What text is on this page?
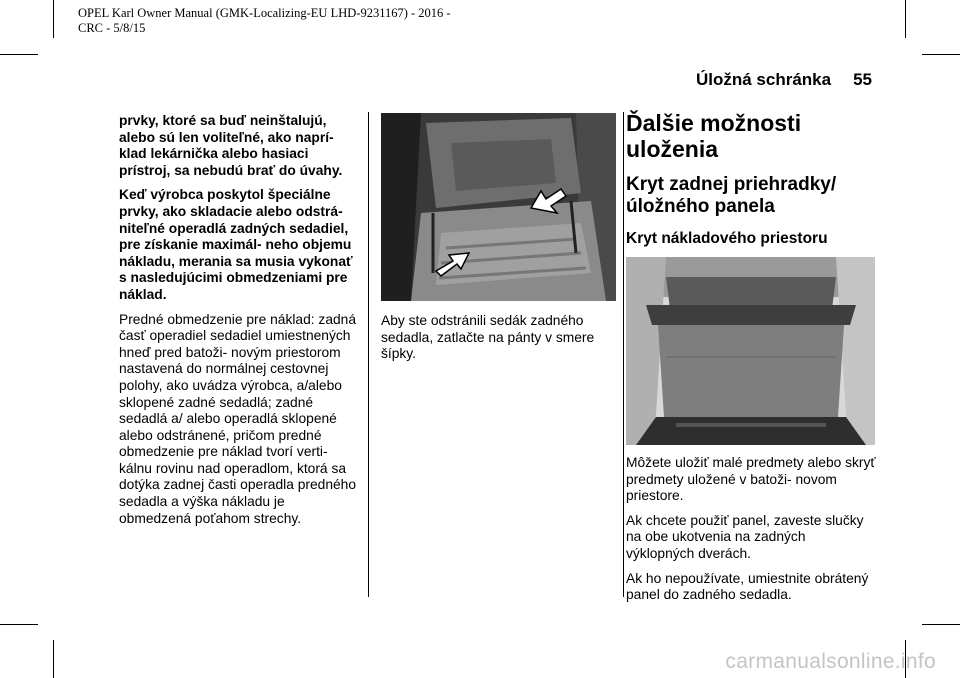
OPEL Karl Owner Manual (GMK-Localizing-EU LHD-9231167) - 2016 -
CRC - 5/8/15
Úložná schránka 55

prvky, ktoré sa buď neinštalujú, alebo sú len voliteľné, ako naprí- klad lekárnička alebo hasiaci prístroj, sa nebudú brať do úvahy.

Keď výrobca poskytol špeciálne prvky, ako skladacie alebo odstrá- niteľné operadlá zadných sedadiel, pre získanie maximál- neho objemu nákladu, merania sa musia vykonať s nasledujúcimi obmedzeniami pre náklad.

Predné obmedzenie pre náklad: zadná časť operadiel sedadiel umiestnených hneď pred batoži- novým priestorom nastavená do normálnej cestovnej polohy, ako uvádza výrobca, a/alebo sklopené zadné sedadlá; zadné sedadlá a/ alebo operadlá sklopené alebo odstránené, pričom predné obmedzenie pre náklad tvorí verti- kálnu rovinu nad operadlom, ktorá sa dotýka zadnej časti operadla predného sedadla a výška nákladu je obmedzená poťahom strechy.

Aby ste odstránili sedák zadného sedadla, zatlačte na pánty v smere šípky.

Ďalšie možnosti uloženia
Kryt zadnej priehradky/ úložného panela
Kryt nákladového priestoru

Môžete uložiť malé predmety alebo skryť predmety uložené v batoži- novom priestore.

Ak chcete použiť panel, zaveste slučky na obe ukotvenia na zadných výklopných dverách.

Ak ho nepoužívate, umiestnite obrátený panel do zadného sedadla.

carmanualsonline.info
